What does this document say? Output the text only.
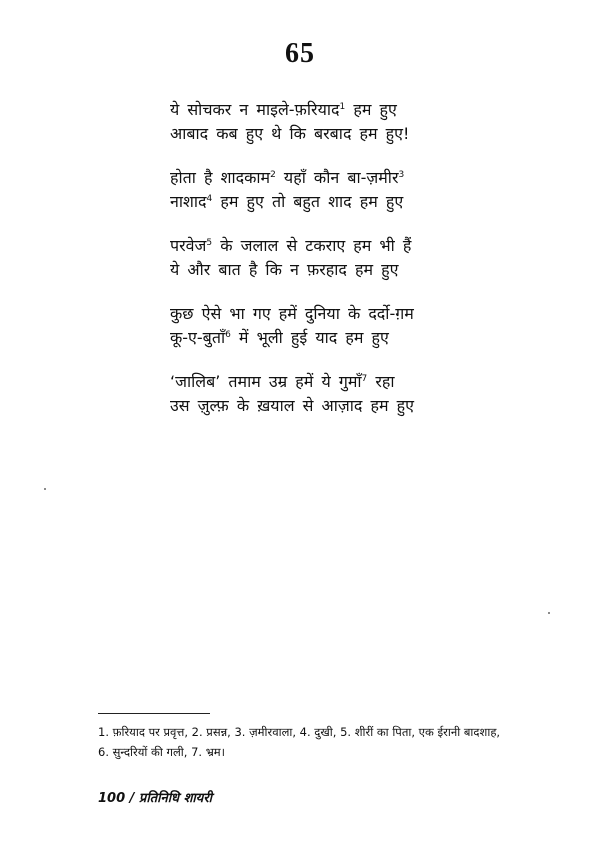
65
ये सोचकर न माइले-फ़रियाद$^1$ हम हुए
आबाद कब हुए थे कि बरबाद हम हुए!
होता है शादकाम$^2$ यहाँ कौन बा-ज़मीर$^3$
नाशाद$^4$ हम हुए तो बहुत शाद हम हुए
परवेज$^5$ के जलाल से टकराए हम भी हैं
ये और बात है कि न फ़रहाद हम हुए
कुछ ऐसे भा गए हमें दुनिया के दर्दो-ग़म
कू-ए-बुताँ$^6$ में भूली हुई याद हम हुए
‘जालिब’ तमाम उम्र हमें ये गुमाँ$^7$ रहा
उस ज़ुल्फ़ के ख़याल से आज़ाद हम हुए
1. फ़रियाद पर प्रवृत्त, 2. प्रसन्न, 3. ज़मीरवाला, 4. दुखी, 5. शीरीं का पिता, एक ईरानी बादशाह, 6. सुन्दरियों की गली, 7. भ्रम।
100 / प्रतिनिधि शायरी
